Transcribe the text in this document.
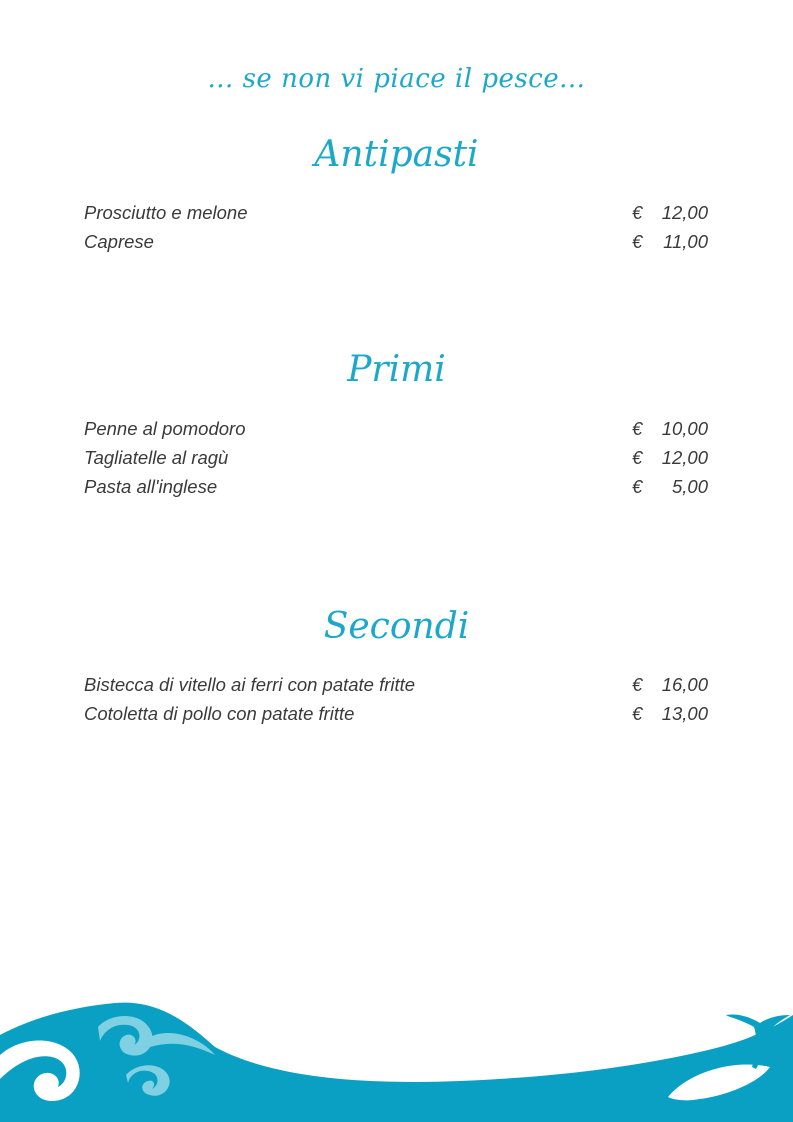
... se non vi piace il pesce...
Antipasti
Prosciutto e melone	€ 12,00
Caprese	€ 11,00
Primi
Penne al pomodoro	€ 10,00
Tagliatelle al ragù	€ 12,00
Pasta all'inglese	€ 5,00
Secondi
Bistecca di vitello ai ferri con patate fritte	€ 16,00
Cotoletta di pollo con patate fritte	€ 13,00
